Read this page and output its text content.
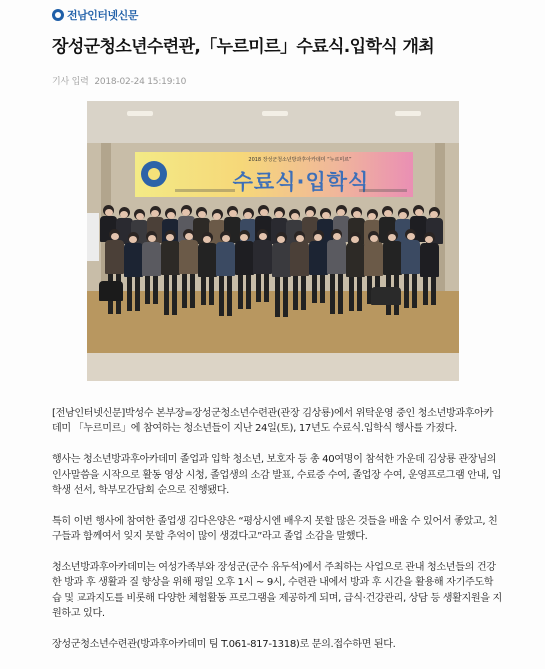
전남인터넷신문
장성군청소년수련관,「누르미르」수료식.입학식 개최
기사 입력 2018-02-24 15:19:10
2018 장성군청소년방과후아카데미 “누르미르”
수료식·입학식

[전남인터넷신문]박성수 본부장=장성군청소년수련관(관장 김상룡)에서 위탁운영 중인 청소년방과후아카데미 「누르미르」에 참여하는 청소년들이 지난 24일(토), 17년도 수료식.입학식 행사를 가졌다.

행사는 청소년방과후아카데미 졸업과 입학 청소년, 보호자 등 총 40여명이 참석한 가운데 김상룡 관장님의 인사말씀을 시작으로 활동 영상 시청, 졸업생의 소감 발표, 수료증 수여, 졸업장 수여, 운영프로그램 안내, 입학생 선서, 학부모간담회 순으로 진행됐다.

특히 이번 행사에 참여한 졸업생 김다은양은 “평상시엔 배우지 못할 많은 것들을 배울 수 있어서 좋았고, 친구들과 함께여서 잊지 못할 추억이 많이 생겼다고”라고 졸업 소감을 말했다.

청소년방과후아카데미는 여성가족부와 장성군(군수 유두석)에서 주최하는 사업으로 관내 청소년들의 건강한 방과 후 생활과 질 향상을 위해 평일 오후 1시 ~ 9시, 수련관 내에서 방과 후 시간을 활용해 자기주도학습 및 교과지도를 비롯해 다양한 체험활동 프로그램을 제공하게 되며, 급식·건강관리, 상담 등 생활지원을 지원하고 있다.

장성군청소년수련관(방과후아카데미 팀 T.061-817-1318)로 문의.접수하면 된다.
